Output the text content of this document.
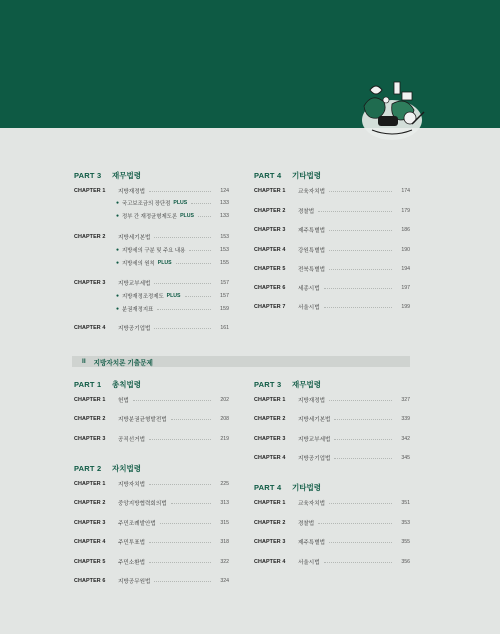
PART 3 재무법령
CHAPTER 1	지방재정법	124
● 국고보조금의 장단점 PLUS	133
● 정부 간 재정균형제도론 PLUS	133
CHAPTER 2	지방세기본법	153
● 지방세의 구분 및 주요 내용	153
● 지방세의 원칙 PLUS	155
CHAPTER 3	지방교부세법	157
● 지방재정조정제도 PLUS	157
● 분권재정지표	159
CHAPTER 4	지방공기업법	161
PART 4 기타법령
CHAPTER 1	교육자치법	174
CHAPTER 2	경찰법	179
CHAPTER 3	제주특별법	186
CHAPTER 4	강원특별법	190
CHAPTER 5	전북특별법	194
CHAPTER 6	세종시법	197
CHAPTER 7	서울시법	199
II 지방자치론 기출문제
PART 1 총칙법령
CHAPTER 1	헌법	202
CHAPTER 2	지방분권균형발전법	208
CHAPTER 3	공직선거법	219
PART 2 자치법령
CHAPTER 1	지방자치법	225
CHAPTER 2	중앙지방협력회의법	313
CHAPTER 3	주민조례발안법	315
CHAPTER 4	주민투표법	318
CHAPTER 5	주민소환법	322
CHAPTER 6	지방공무원법	324
PART 3 재무법령
CHAPTER 1	지방재정법	327
CHAPTER 2	지방세기본법	339
CHAPTER 3	지방교부세법	342
CHAPTER 4	지방공기업법	345
PART 4 기타법령
CHAPTER 1	교육자치법	351
CHAPTER 2	경찰법	353
CHAPTER 3	제주특별법	355
CHAPTER 4	서울시법	356
